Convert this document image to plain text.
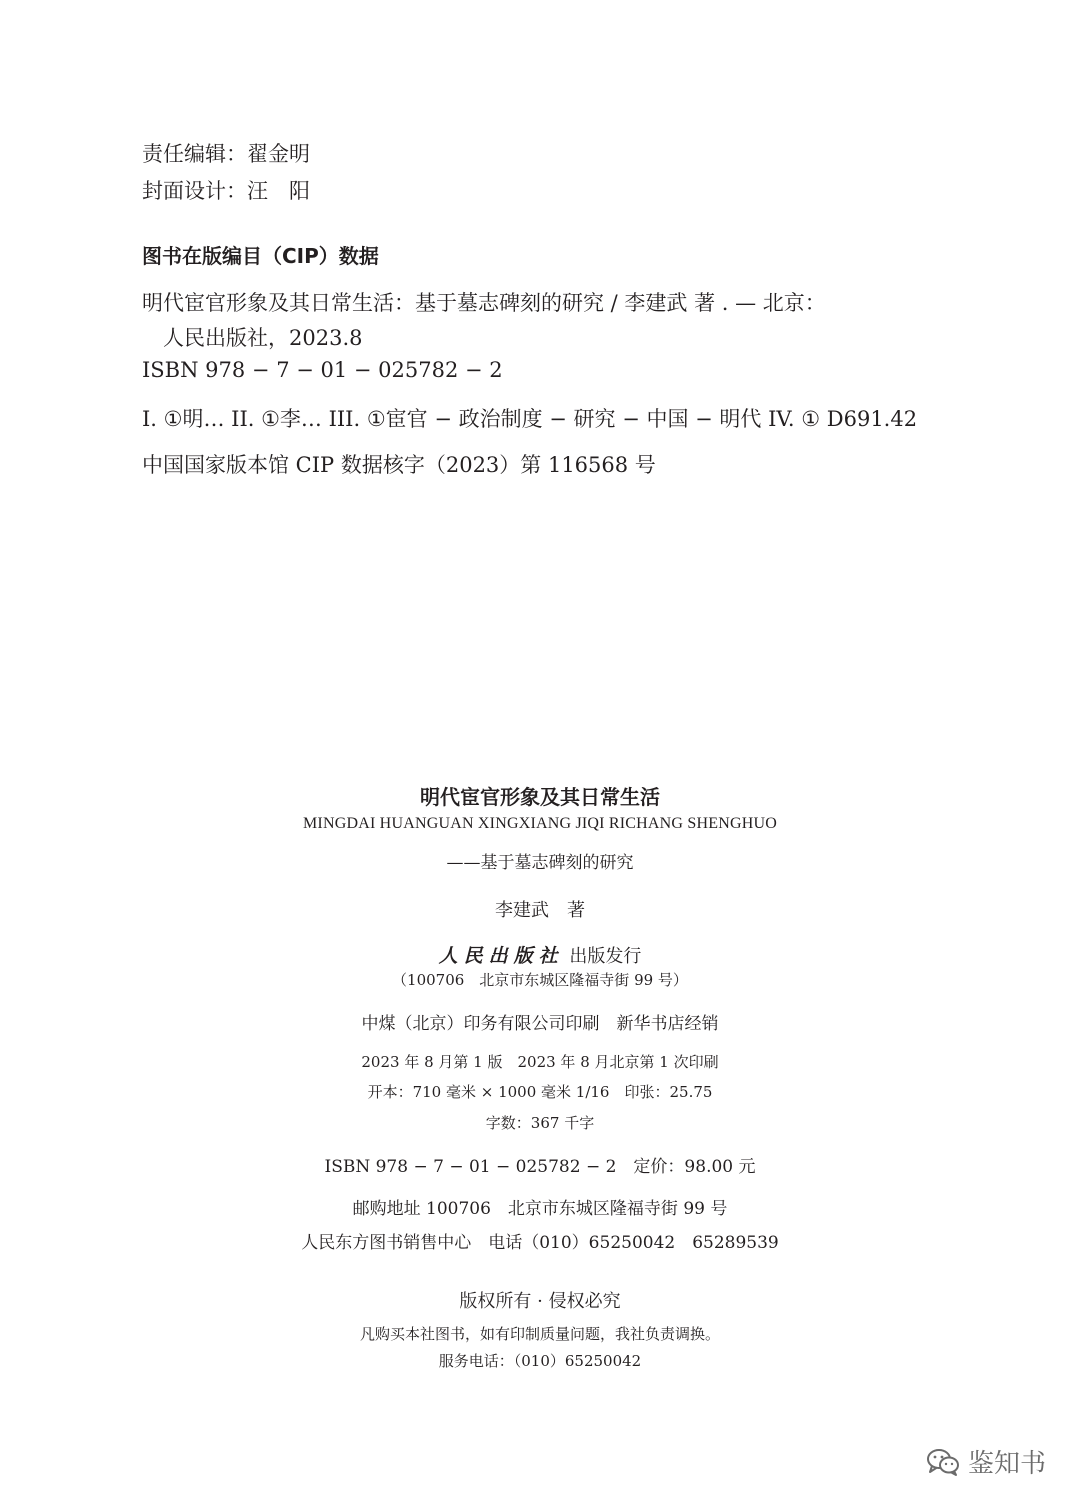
责任编辑：翟金明
封面设计：汪　阳
图书在版编目（CIP）数据
明代宦官形象及其日常生活：基于墓志碑刻的研究 / 李建武 著 . — 北京：
人民出版社，2023.8
ISBN 978 − 7 − 01 − 025782 − 2
I. ①明… II. ①李… III. ①宦官 − 政治制度 − 研究 − 中国 − 明代 IV. ① D691.42
中国国家版本馆 CIP 数据核字（2023）第 116568 号
明代宦官形象及其日常生活
MINGDAI HUANGUAN XINGXIANG JIQI RICHANG SHENGHUO
——基于墓志碑刻的研究
李建武　著
人民出版社 出版发行
（100706　北京市东城区隆福寺街 99 号）
中煤（北京）印务有限公司印刷　新华书店经销
2023 年 8 月第 1 版　2023 年 8 月北京第 1 次印刷
开本：710 毫米 × 1000 毫米 1/16　印张：25.75
字数：367 千字
ISBN 978 − 7 − 01 − 025782 − 2　定价：98.00 元
邮购地址 100706　北京市东城区隆福寺街 99 号
人民东方图书销售中心　电话（010）65250042　65289539
版权所有 · 侵权必究
凡购买本社图书，如有印制质量问题，我社负责调换。
服务电话：（010）65250042
鉴知书
